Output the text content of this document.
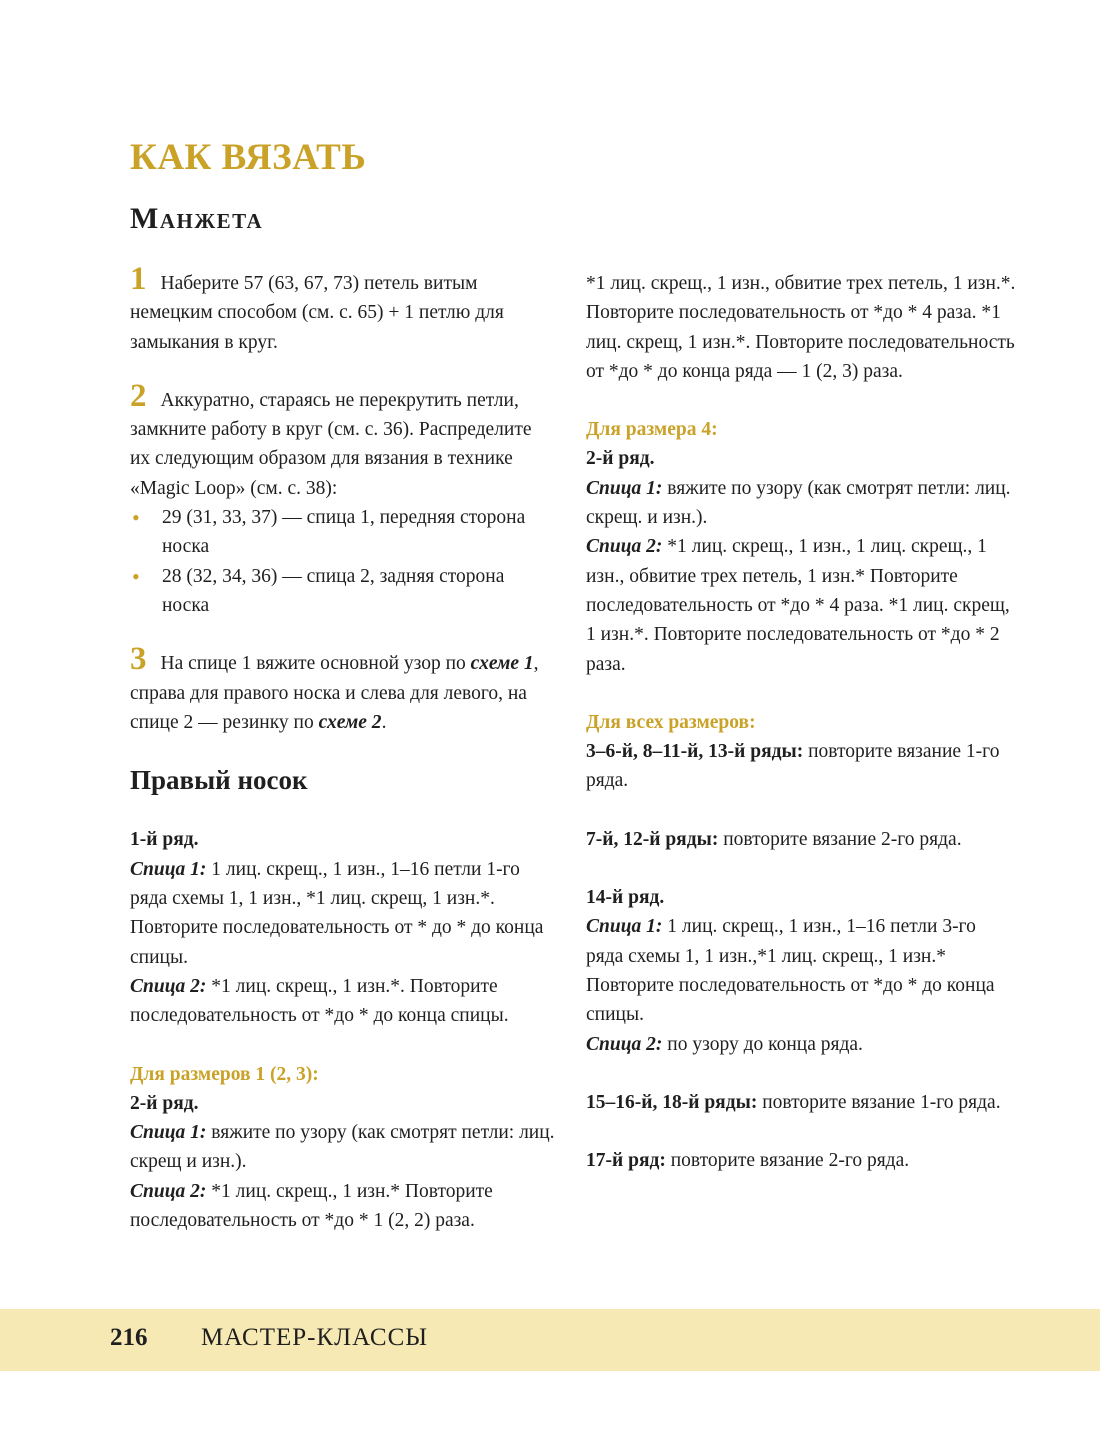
КАК ВЯЗАТЬ
Манжета
1 Наберите 57 (63, 67, 73) петель витым немецким способом (см. с. 65) + 1 петлю для замыкания в круг.
2 Аккуратно, стараясь не перекрутить петли, замкните работу в круг (см. с. 36). Распределите их следующим образом для вязания в технике «Magic Loop» (см. с. 38):
• 29 (31, 33, 37) — спица 1, передняя сторона носка
• 28 (32, 34, 36) — спица 2, задняя сторона носка
3 На спице 1 вяжите основной узор по схеме 1, справа для правого носка и слева для левого, на спице 2 — резинку по схеме 2.
Правый носок

1-й ряд.

Спица 1: 1 лиц. скрещ., 1 изн., 1–16 петли 1-го ряда схемы 1, 1 изн., *1 лиц. скрещ, 1 изн.*. Повторите последовательность от * до * до конца спицы.

Спица 2: *1 лиц. скрещ., 1 изн.*. Повторите последовательность от *до * до конца спицы.

Для размеров 1 (2, 3):

2-й ряд.

Спица 1: вяжите по узору (как смотрят петли: лиц. скрещ и изн.).

Спица 2: *1 лиц. скрещ., 1 изн.* Повторите последовательность от *до * 1 (2, 2) раза.

*1 лиц. скрещ., 1 изн., обвитие трех петель, 1 изн.*. Повторите последовательность от *до * 4 раза. *1 лиц. скрещ, 1 изн.*. Повторите последовательность от *до * до конца ряда — 1 (2, 3) раза.

Для размера 4:

2-й ряд.

Спица 1: вяжите по узору (как смотрят петли: лиц. скрещ. и изн.).

Спица 2: *1 лиц. скрещ., 1 изн., 1 лиц. скрещ., 1 изн., обвитие трех петель, 1 изн.* Повторите последовательность от *до * 4 раза. *1 лиц. скрещ, 1 изн.*. Повторите последовательность от *до * 2 раза.

Для всех размеров:

3–6-й, 8–11-й, 13-й ряды: повторите вязание 1-го ряда.

7-й, 12-й ряды: повторите вязание 2-го ряда.

14-й ряд.

Спица 1: 1 лиц. скрещ., 1 изн., 1–16 петли 3-го ряда схемы 1, 1 изн.,*1 лиц. скрещ., 1 изн.* Повторите последовательность от *до * до конца спицы.

Спица 2: по узору до конца ряда.

15–16-й, 18-й ряды: повторите вязание 1-го ряда.

17-й ряд: повторите вязание 2-го ряда.

216 МАСТЕР-КЛАССЫ
